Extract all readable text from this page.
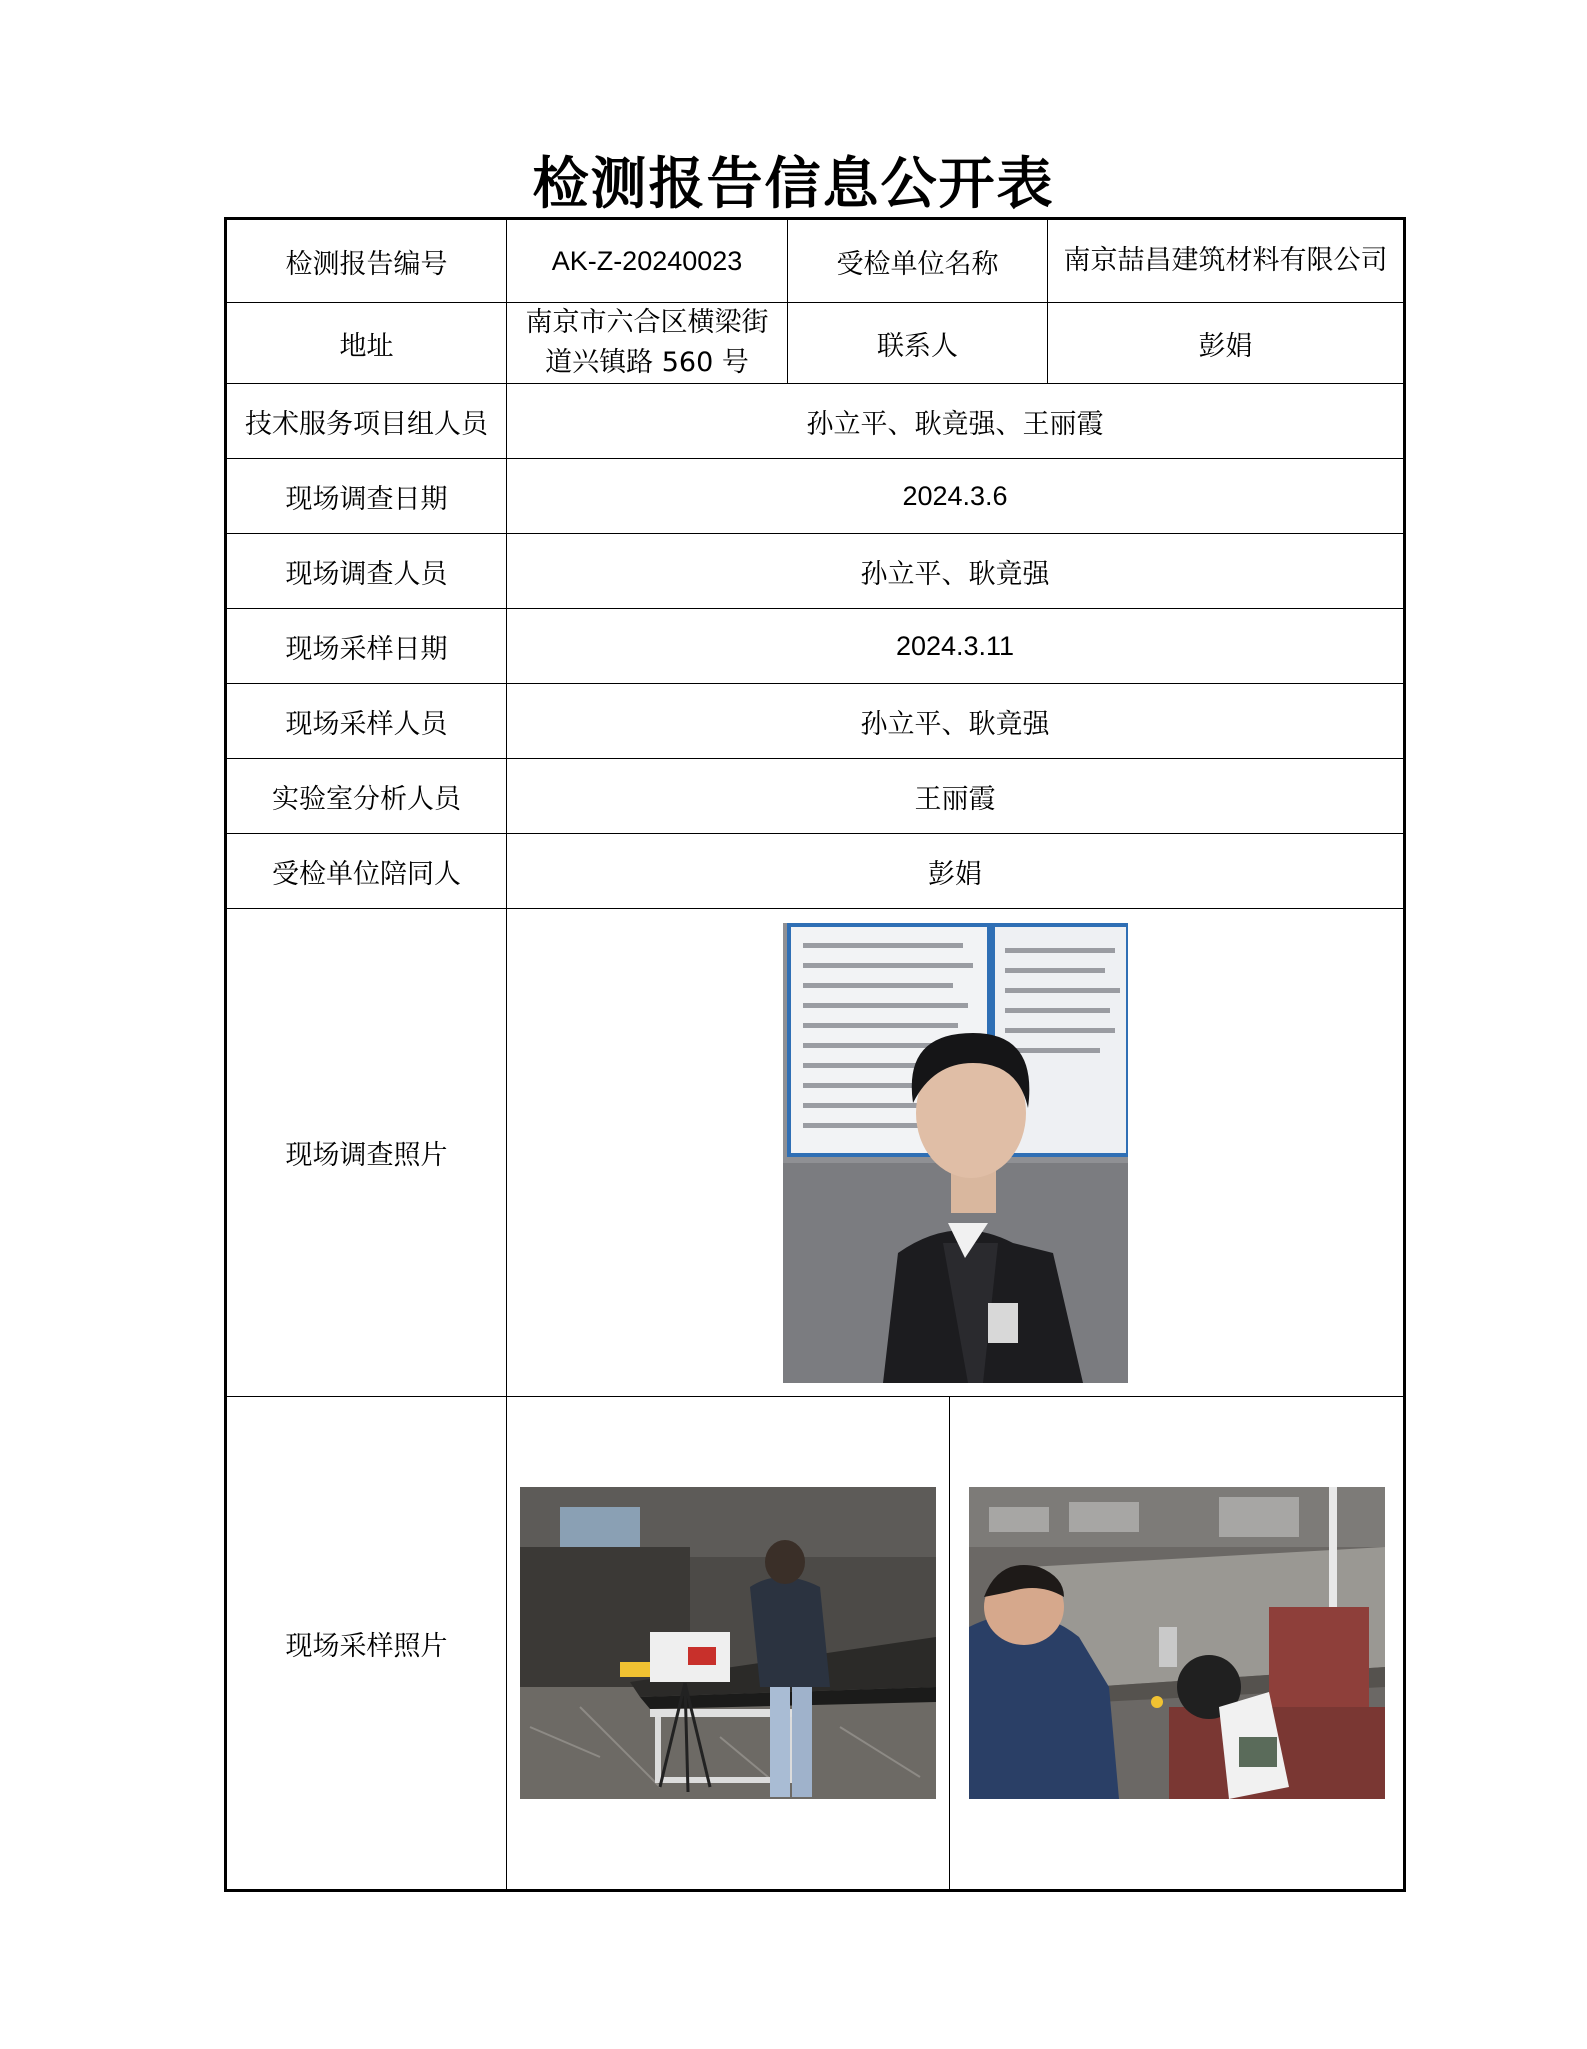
检测报告信息公开表
检测报告编号	AK-Z-20240023	受检单位名称		南京喆昌建筑材料有限公司
地址	南京市六合区横梁街道兴镇路 560 号	联系人		彭娟
技术服务项目组人员	孙立平、耿竟强、王丽霞			
现场调查日期	2024.3.6			
现场调查人员	孙立平、耿竟强			
现场采样日期	2024.3.11			
现场采样人员	孙立平、耿竟强			
实验室分析人员	王丽霞			
受检单位陪同人	彭娟			
现场调查照片	

现场采样照片	
